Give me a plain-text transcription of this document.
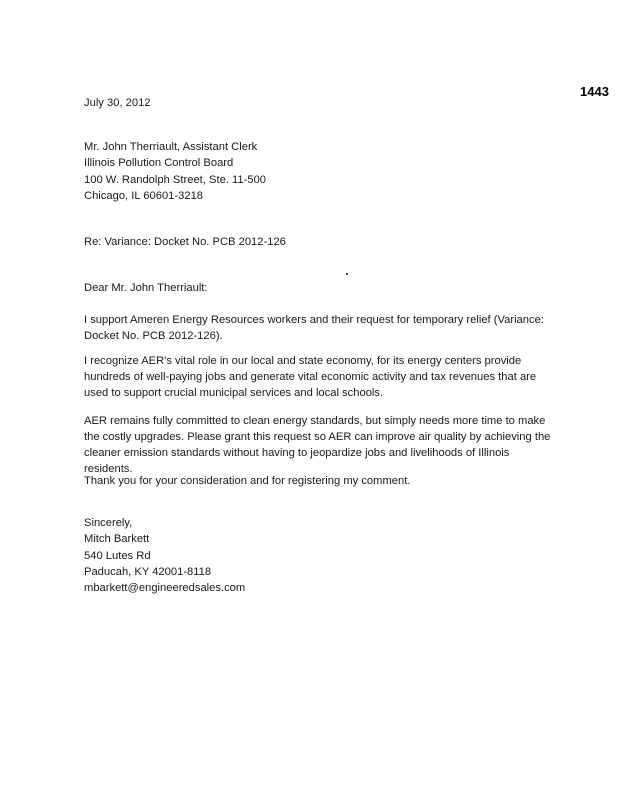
1443
July 30, 2012
Mr. John Therriault, Assistant Clerk
Illinois Pollution Control Board
100 W. Randolph Street, Ste. 11-500
Chicago, IL 60601-3218
Re: Variance: Docket No. PCB 2012-126
Dear Mr. John Therriault:
I support Ameren Energy Resources workers and their request for temporary relief (Variance: Docket No. PCB 2012-126).
I recognize AER's vital role in our local and state economy, for its energy centers provide hundreds of well-paying jobs and generate vital economic activity and tax revenues that are used to support crucial municipal services and local schools.
AER remains fully committed to clean energy standards, but simply needs more time to make the costly upgrades. Please grant this request so AER can improve air quality by achieving the cleaner emission standards without having to jeopardize jobs and livelihoods of Illinois residents.
Thank you for your consideration and for registering my comment.
Sincerely,
Mitch Barkett
540 Lutes Rd
Paducah, KY 42001-8118
mbarkett@engineeredsales.com
